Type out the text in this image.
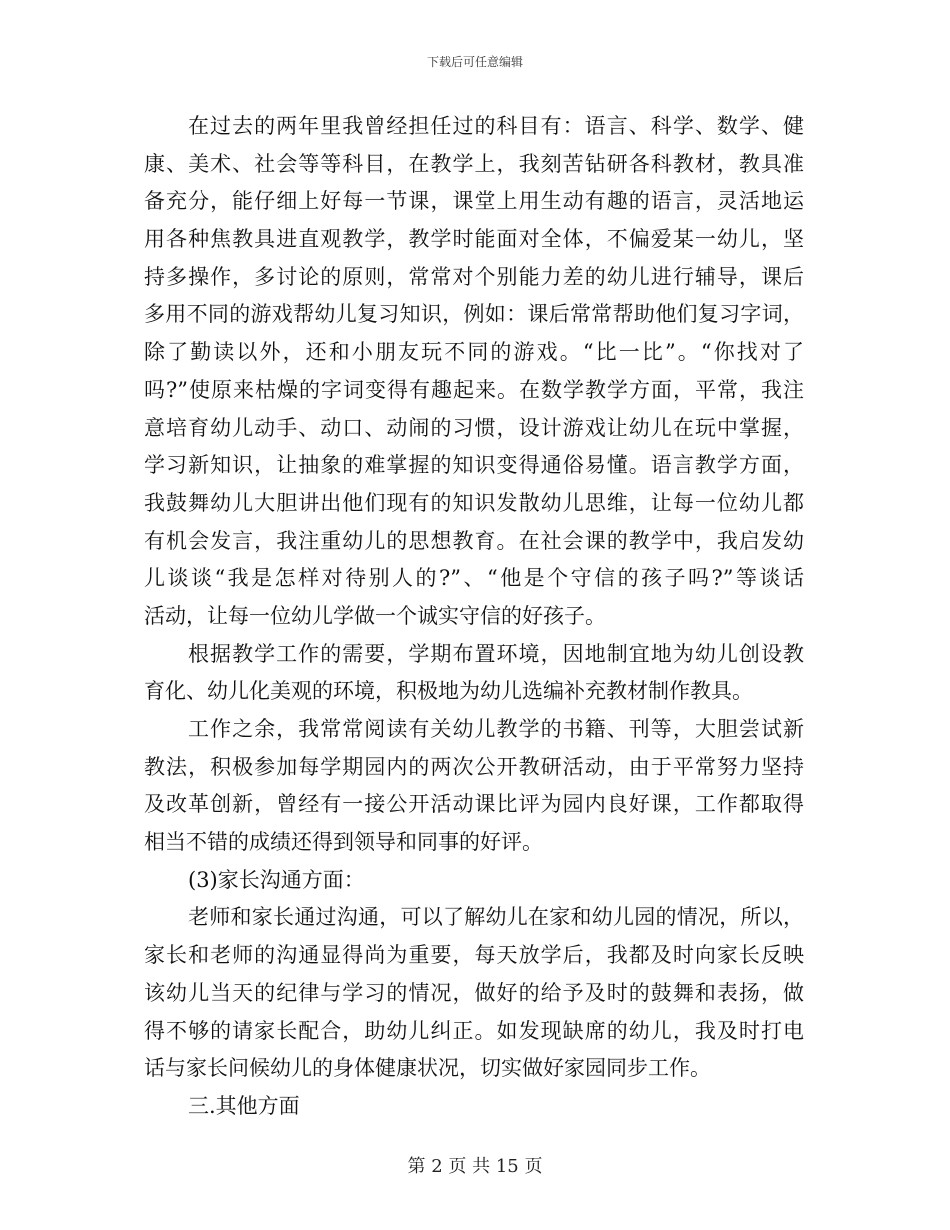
下载后可任意编辑
在过去的两年里我曾经担任过的科目有：语言、科学、数学、健
康、美术、社会等等科目，在教学上，我刻苦钻研各科教材，教具准
备充分，能仔细上好每一节课，课堂上用生动有趣的语言，灵活地运
用各种焦教具进直观教学，教学时能面对全体，不偏爱某一幼儿，坚
持多操作，多讨论的原则，常常对个别能力差的幼儿进行辅导，课后
多用不同的游戏帮幼儿复习知识，例如：课后常常帮助他们复习字词，
除了勤读以外，还和小朋友玩不同的游戏。“比一比”。“你找对了
吗?”使原来枯燥的字词变得有趣起来。在数学教学方面，平常，我注
意培育幼儿动手、动口、动闹的习惯，设计游戏让幼儿在玩中掌握，
学习新知识，让抽象的难掌握的知识变得通俗易懂。语言教学方面，
我鼓舞幼儿大胆讲出他们现有的知识发散幼儿思维，让每一位幼儿都
有机会发言，我注重幼儿的思想教育。在社会课的教学中，我启发幼
儿谈谈“我是怎样对待别人的?”、“他是个守信的孩子吗?”等谈话
活动，让每一位幼儿学做一个诚实守信的好孩子。
根据教学工作的需要，学期布置环境，因地制宜地为幼儿创设教
育化、幼儿化美观的环境，积极地为幼儿选编补充教材制作教具。
工作之余，我常常阅读有关幼儿教学的书籍、刊等，大胆尝试新
教法，积极参加每学期园内的两次公开教研活动，由于平常努力坚持
及改革创新，曾经有一接公开活动课比评为园内良好课，工作都取得
相当不错的成绩还得到领导和同事的好评。
(3)家长沟通方面：
老师和家长通过沟通，可以了解幼儿在家和幼儿园的情况，所以，
家长和老师的沟通显得尚为重要，每天放学后，我都及时向家长反映
该幼儿当天的纪律与学习的情况，做好的给予及时的鼓舞和表扬，做
得不够的请家长配合，助幼儿纠正。如发现缺席的幼儿，我及时打电
话与家长问候幼儿的身体健康状况，切实做好家园同步工作。
三.其他方面
第 2 页 共 15 页
